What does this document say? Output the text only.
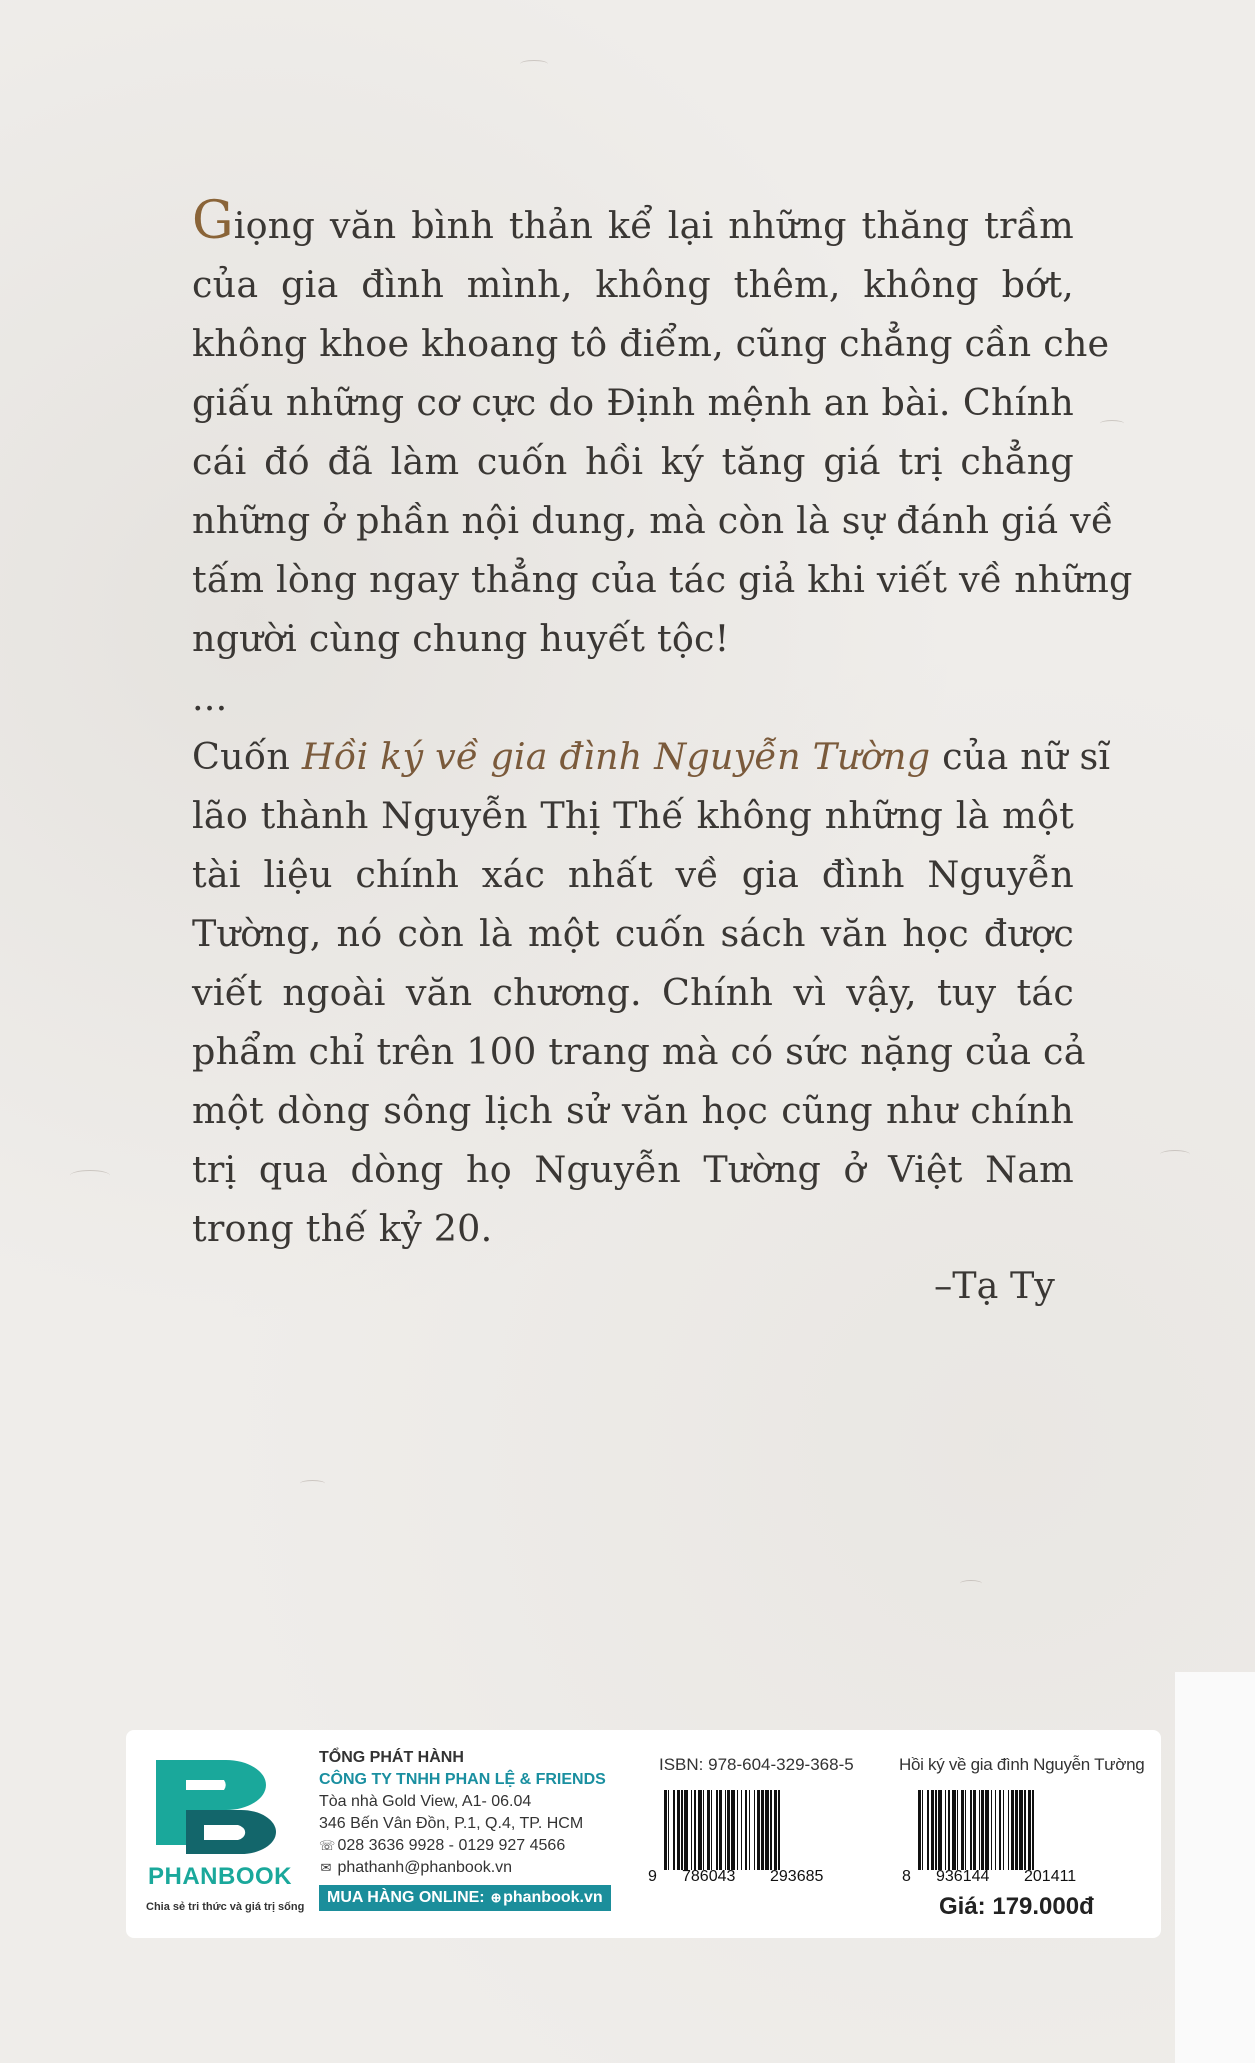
Giọng văn bình thản kể lại những thăng trầm
của gia đình mình, không thêm, không bớt,
không khoe khoang tô điểm, cũng chẳng cần che
giấu những cơ cực do Định mệnh an bài. Chính
cái đó đã làm cuốn hồi ký tăng giá trị chẳng
những ở phần nội dung, mà còn là sự đánh giá về
tấm lòng ngay thẳng của tác giả khi viết về những
người cùng chung huyết tộc!
...
Cuốn Hồi ký về gia đình Nguyễn Tường của nữ sĩ
lão thành Nguyễn Thị Thế không những là một
tài liệu chính xác nhất về gia đình Nguyễn
Tường, nó còn là một cuốn sách văn học được
viết ngoài văn chương. Chính vì vậy, tuy tác
phẩm chỉ trên 100 trang mà có sức nặng của cả
một dòng sông lịch sử văn học cũng như chính
trị qua dòng họ Nguyễn Tường ở Việt Nam
trong thế kỷ 20.
–Tạ Ty
PHANBOOK
Chia sẻ tri thức và giá trị sống
TỔNG PHÁT HÀNH
CÔNG TY TNHH PHAN LỆ & FRIENDS
Tòa nhà Gold View, A1- 06.04
346 Bến Vân Đồn, P.1, Q.4, TP. HCM
☏ 028 3636 9928 - 0129 927 4566
✉ phathanh@phanbook.vn
MUA HÀNG ONLINE: ⊕phanbook.vn
ISBN: 978-604-329-368-5
9 786043 293685
Hồi ký về gia đình Nguyễn Tường
8 936144 201411
Giá: 179.000đ
